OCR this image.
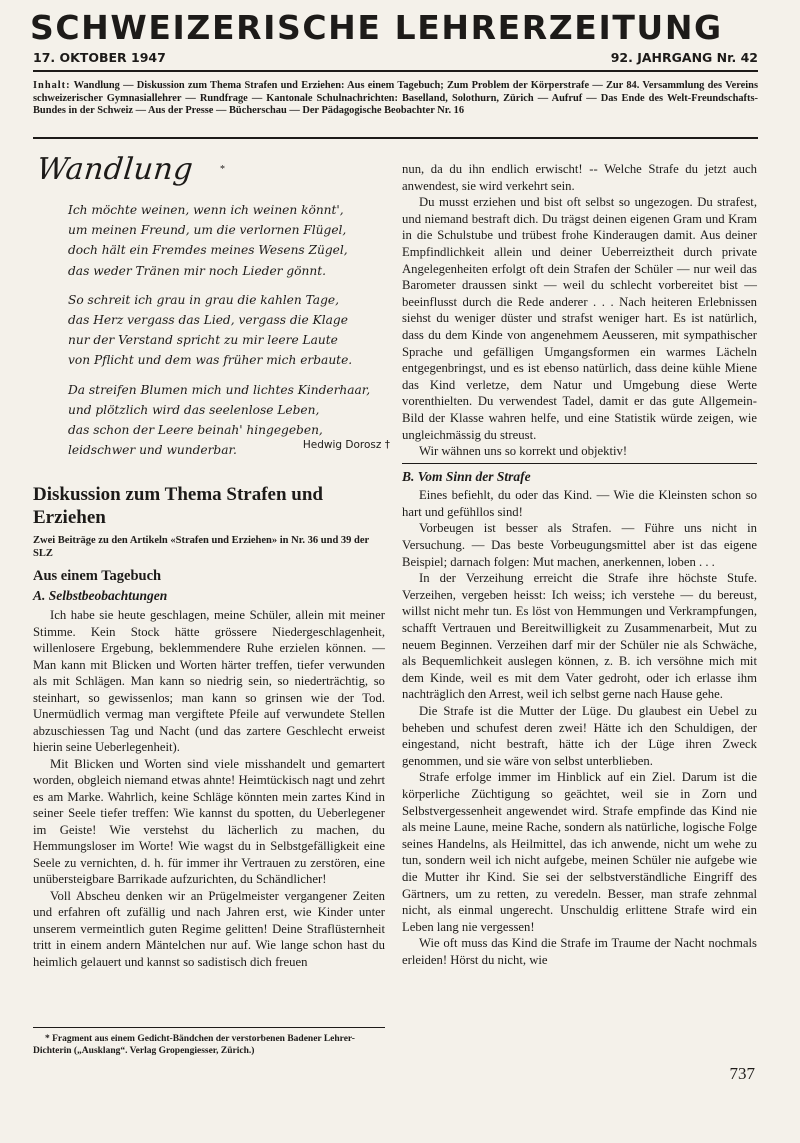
SCHWEIZERISCHE LEHRERZEITUNG
17. OKTOBER 1947	92. JAHRGANG Nr. 42
Inhalt: Wandlung — Diskussion zum Thema Strafen und Erziehen: Aus einem Tagebuch; Zum Problem der Körperstrafe — Zur 84. Versammlung des Vereins schweizerischer Gymnasiallehrer — Rundfrage — Kantonale Schulnachrichten: Baselland, Solothurn, Zürich — Aufruf — Das Ende des Welt-Freundschafts-Bundes in der Schweiz — Aus der Presse — Bücherschau — Der Pädagogische Beobachter Nr. 16
Wandlung	*
Ich möchte weinen, wenn ich weinen könnt',
um meinen Freund, um die verlornen Flügel,
doch hält ein Fremdes meines Wesens Zügel,
das weder Tränen mir noch Lieder gönnt.
So schreit ich grau in grau die kahlen Tage,
das Herz vergass das Lied, vergass die Klage
nur der Verstand spricht zu mir leere Laute
von Pflicht und dem was früher mich erbaute.
Da streifen Blumen mich und lichtes Kinderhaar,
und plötzlich wird das seelenlose Leben,
das schon der Leere beinah' hingegeben,
leidschwer und wunderbar.	Hedwig Dorosz †
Diskussion zum Thema Strafen und Erziehen
Zwei Beiträge zu den Artikeln «Strafen und Erziehen» in Nr. 36 und 39 der SLZ
Aus einem Tagebuch
A. Selbstbeobachtungen

Ich habe sie heute geschlagen, meine Schüler, allein mit meiner Stimme. Kein Stock hätte grössere Niedergeschlagenheit, willenlosere Ergebung, beklemmendere Ruhe erzielen können. — Man kann mit Blicken und Worten härter treffen, tiefer verwunden als mit Schlägen. Man kann so niedrig sein, so niederträchtig, so steinhart, so gewissenlos; man kann so grinsen wie der Tod. Unermüdlich vermag man vergiftete Pfeile auf verwundete Stellen abzuschiessen Tag und Nacht (und das zartere Geschlecht erweist hierin seine Ueberlegenheit).

Mit Blicken und Worten sind viele misshandelt und gemartert worden, obgleich niemand etwas ahnte! Heimtückisch nagt und zehrt es am Marke. Wahrlich, keine Schläge könnten mein zartes Kind in seiner Seele tiefer treffen: Wie kannst du spotten, du Ueberlegener im Geiste! Wie verstehst du lächerlich zu machen, du Hemmungsloser im Worte! Wie wagst du in Selbstgefälligkeit eine Seele zu vernichten, d. h. für immer ihr Vertrauen zu zerstören, eine unübersteigbare Barrikade aufzurichten, du Schändlicher!

Voll Abscheu denken wir an Prügelmeister vergangener Zeiten und erfahren oft zufällig und nach Jahren erst, wie Kinder unter unserem vermeintlich guten Regime gelitten! Deine Straflüsternheit tritt in einem andern Mäntelchen nur auf. Wie lange schon hast du heimlich gelauert und kannst so sadistisch dich freuen

nun, da du ihn endlich erwischt! -- Welche Strafe du jetzt auch anwendest, sie wird verkehrt sein.

Du musst erziehen und bist oft selbst so ungezogen. Du strafest, und niemand bestraft dich. Du trägst deinen eigenen Gram und Kram in die Schulstube und trübest frohe Kinderaugen damit. Aus deiner Empfindlichkeit allein und deiner Ueberreiztheit durch private Angelegenheiten erfolgt oft dein Strafen der Schüler — nur weil das Barometer draussen sinkt — weil du schlecht vorbereitet bist — beeinflusst durch die Rede anderer . . . Nach heiteren Erlebnissen siehst du weniger düster und strafst weniger hart. Es ist natürlich, dass du dem Kinde von angenehmem Aeusseren, mit sympathischer Sprache und gefälligen Umgangsformen ein warmes Lächeln entgegenbringst, und es ist ebenso natürlich, dass deine kühle Miene das Kind verletze, dem Natur und Umgebung diese Werte vorenthielten. Du verwendest Tadel, damit er das gute Allgemein-Bild der Klasse wahren helfe, und eine Statistik würde zeigen, wie ungleichmässig du streust.

Wir wähnen uns so korrekt und objektiv!

B. Vom Sinn der Strafe

Eines befiehlt, du oder das Kind. — Wie die Kleinsten schon so hart und gefühllos sind!

Vorbeugen ist besser als Strafen. — Führe uns nicht in Versuchung. — Das beste Vorbeugungsmittel aber ist das eigene Beispiel; darnach folgen: Mut machen, anerkennen, loben . . .

In der Verzeihung erreicht die Strafe ihre höchste Stufe. Verzeihen, vergeben heisst: Ich weiss; ich verstehe — du bereust, willst nicht mehr tun. Es löst von Hemmungen und Verkrampfungen, schafft Vertrauen und Bereitwilligkeit zu Zusammenarbeit, Mut zu neuem Beginnen. Verzeihen darf mir der Schüler nie als Schwäche, als Bequemlichkeit auslegen können, z. B. ich versöhne mich mit dem Kinde, weil es mit dem Vater gedroht, oder ich erlasse ihm nachträglich den Arrest, weil ich selbst gerne nach Hause gehe.

Die Strafe ist die Mutter der Lüge. Du glaubest ein Uebel zu beheben und schufest deren zwei! Hätte ich den Schuldigen, der eingestand, nicht bestraft, hätte ich der Lüge ihren Zweck genommen, und sie wäre von selbst unterblieben.

Strafe erfolge immer im Hinblick auf ein Ziel. Darum ist die körperliche Züchtigung so geächtet, weil sie in Zorn und Selbstvergessenheit angewendet wird. Strafe empfinde das Kind nie als meine Laune, meine Rache, sondern als natürliche, logische Folge seines Handelns, als Heilmittel, das ich anwende, nicht um wehe zu tun, sondern weil ich nicht aufgebe, meinen Schüler nie aufgebe wie die Mutter ihr Kind. Sie sei der selbstverständliche Eingriff des Gärtners, um zu retten, zu veredeln. Besser, man strafe zehnmal nicht, als einmal ungerecht. Unschuldig erlittene Strafe wird ein Leben lang nie vergessen!

Wie oft muss das Kind die Strafe im Traume der Nacht nochmals erleiden! Hörst du nicht, wie

* Fragment aus einem Gedicht-Bändchen der verstorbenen Badener Lehrer-Dichterin („Ausklang“. Verlag Gropengiesser, Zürich.)
737
